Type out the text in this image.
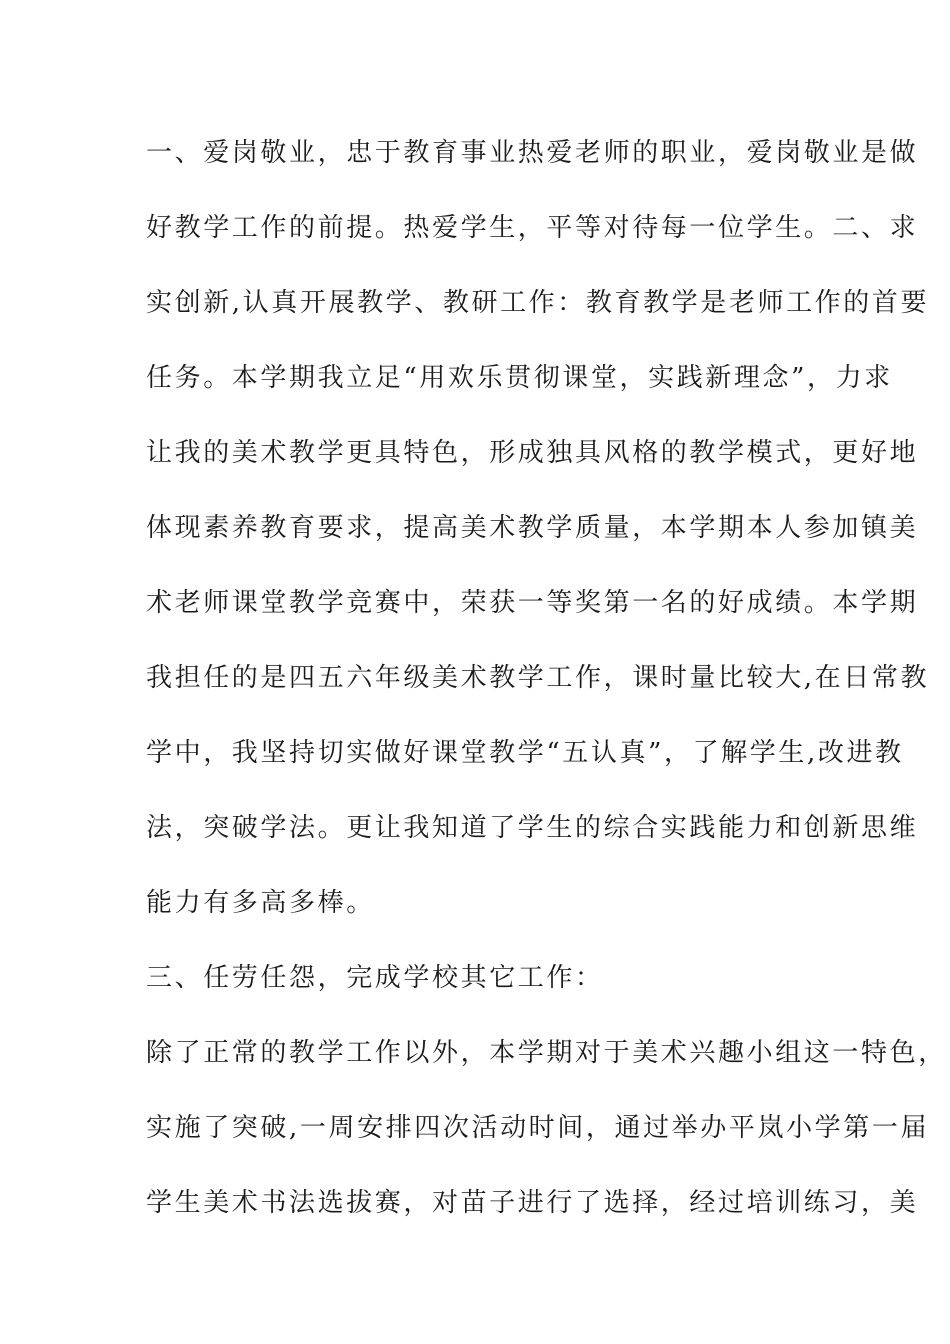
一、爱岗敬业，忠于教育事业热爱老师的职业，爱岗敬业是做
好教学工作的前提。热爱学生，平等对待每一位学生。二、求
实创新,认真开展教学、教研工作：教育教学是老师工作的首要
任务。本学期我立足“用欢乐贯彻课堂，实践新理念”，力求
让我的美术教学更具特色，形成独具风格的教学模式，更好地
体现素养教育要求，提高美术教学质量，本学期本人参加镇美
术老师课堂教学竞赛中，荣获一等奖第一名的好成绩。本学期
我担任的是四五六年级美术教学工作，课时量比较大,在日常教
学中，我坚持切实做好课堂教学“五认真”，了解学生,改进教
法，突破学法。更让我知道了学生的综合实践能力和创新思维
能力有多高多棒。
三、任劳任怨，完成学校其它工作：
除了正常的教学工作以外，本学期对于美术兴趣小组这一特色，
实施了突破,一周安排四次活动时间，通过举办平岚小学第一届
学生美术书法选拔赛，对苗子进行了选择，经过培训练习，美
